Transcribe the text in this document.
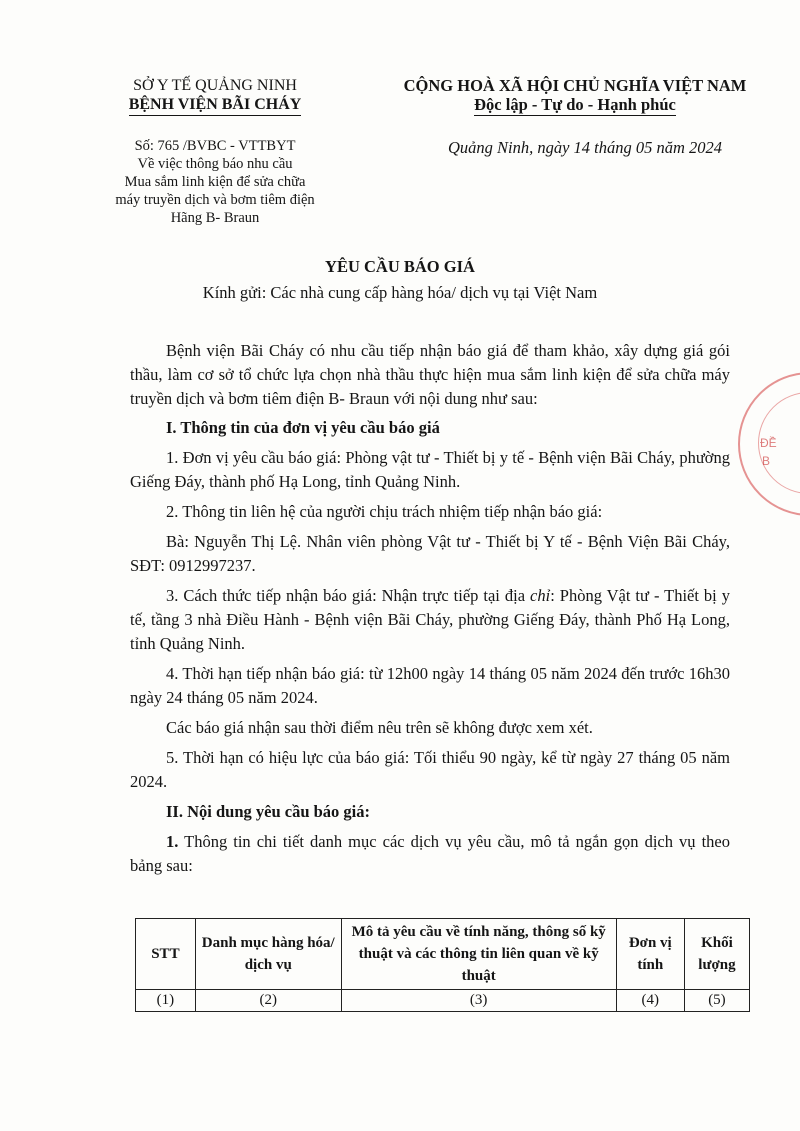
SỞ Y TẾ QUẢNG NINH
BỆNH VIỆN BÃI CHÁY
CỘNG HOÀ XÃ HỘI CHỦ NGHĨA VIỆT NAM
Độc lập - Tự do - Hạnh phúc
Số: 765 /BVBC - VTTBYT
Về việc thông báo nhu cầu
Mua sắm linh kiện để sửa chữa
máy truyền dịch và bơm tiêm điện
Hãng B- Braun
Quảng Ninh, ngày 14 tháng 05 năm 2024
YÊU CẦU BÁO GIÁ
Kính gửi: Các nhà cung cấp hàng hóa/ dịch vụ tại Việt Nam

Bệnh viện Bãi Cháy có nhu cầu tiếp nhận báo giá để tham khảo, xây dựng giá gói thầu, làm cơ sở tổ chức lựa chọn nhà thầu thực hiện mua sắm linh kiện để sửa chữa máy truyền dịch và bơm tiêm điện B- Braun với nội dung như sau:

I. Thông tin của đơn vị yêu cầu báo giá

1. Đơn vị yêu cầu báo giá: Phòng vật tư - Thiết bị y tế - Bệnh viện Bãi Cháy, phường Giếng Đáy, thành phố Hạ Long, tỉnh Quảng Ninh.

2. Thông tin liên hệ của người chịu trách nhiệm tiếp nhận báo giá:

Bà: Nguyễn Thị Lệ. Nhân viên phòng Vật tư - Thiết bị Y tế - Bệnh Viện Bãi Cháy, SĐT: 0912997237.

3. Cách thức tiếp nhận báo giá: Nhận trực tiếp tại địa chỉ: Phòng Vật tư - Thiết bị y tế, tầng 3 nhà Điều Hành - Bệnh viện Bãi Cháy, phường Giếng Đáy, thành Phố Hạ Long, tỉnh Quảng Ninh.

4. Thời hạn tiếp nhận báo giá: từ 12h00 ngày 14 tháng 05 năm 2024 đến trước 16h30 ngày 24 tháng 05 năm 2024.

Các báo giá nhận sau thời điểm nêu trên sẽ không được xem xét.

5. Thời hạn có hiệu lực của báo giá: Tối thiểu 90 ngày, kể từ ngày 27 tháng 05 năm 2024.

II. Nội dung yêu cầu báo giá:

1. Thông tin chi tiết danh mục các dịch vụ yêu cầu, mô tả ngắn gọn dịch vụ theo bảng sau:

STT	Danh mục hàng hóa/ dịch vụ	Mô tả yêu cầu về tính năng, thông số kỹ thuật và các thông tin liên quan về kỹ thuật	Đơn vị tính	Khối lượng
(1)	(2)	(3)	(4)	(5)
ĐỀ
B
